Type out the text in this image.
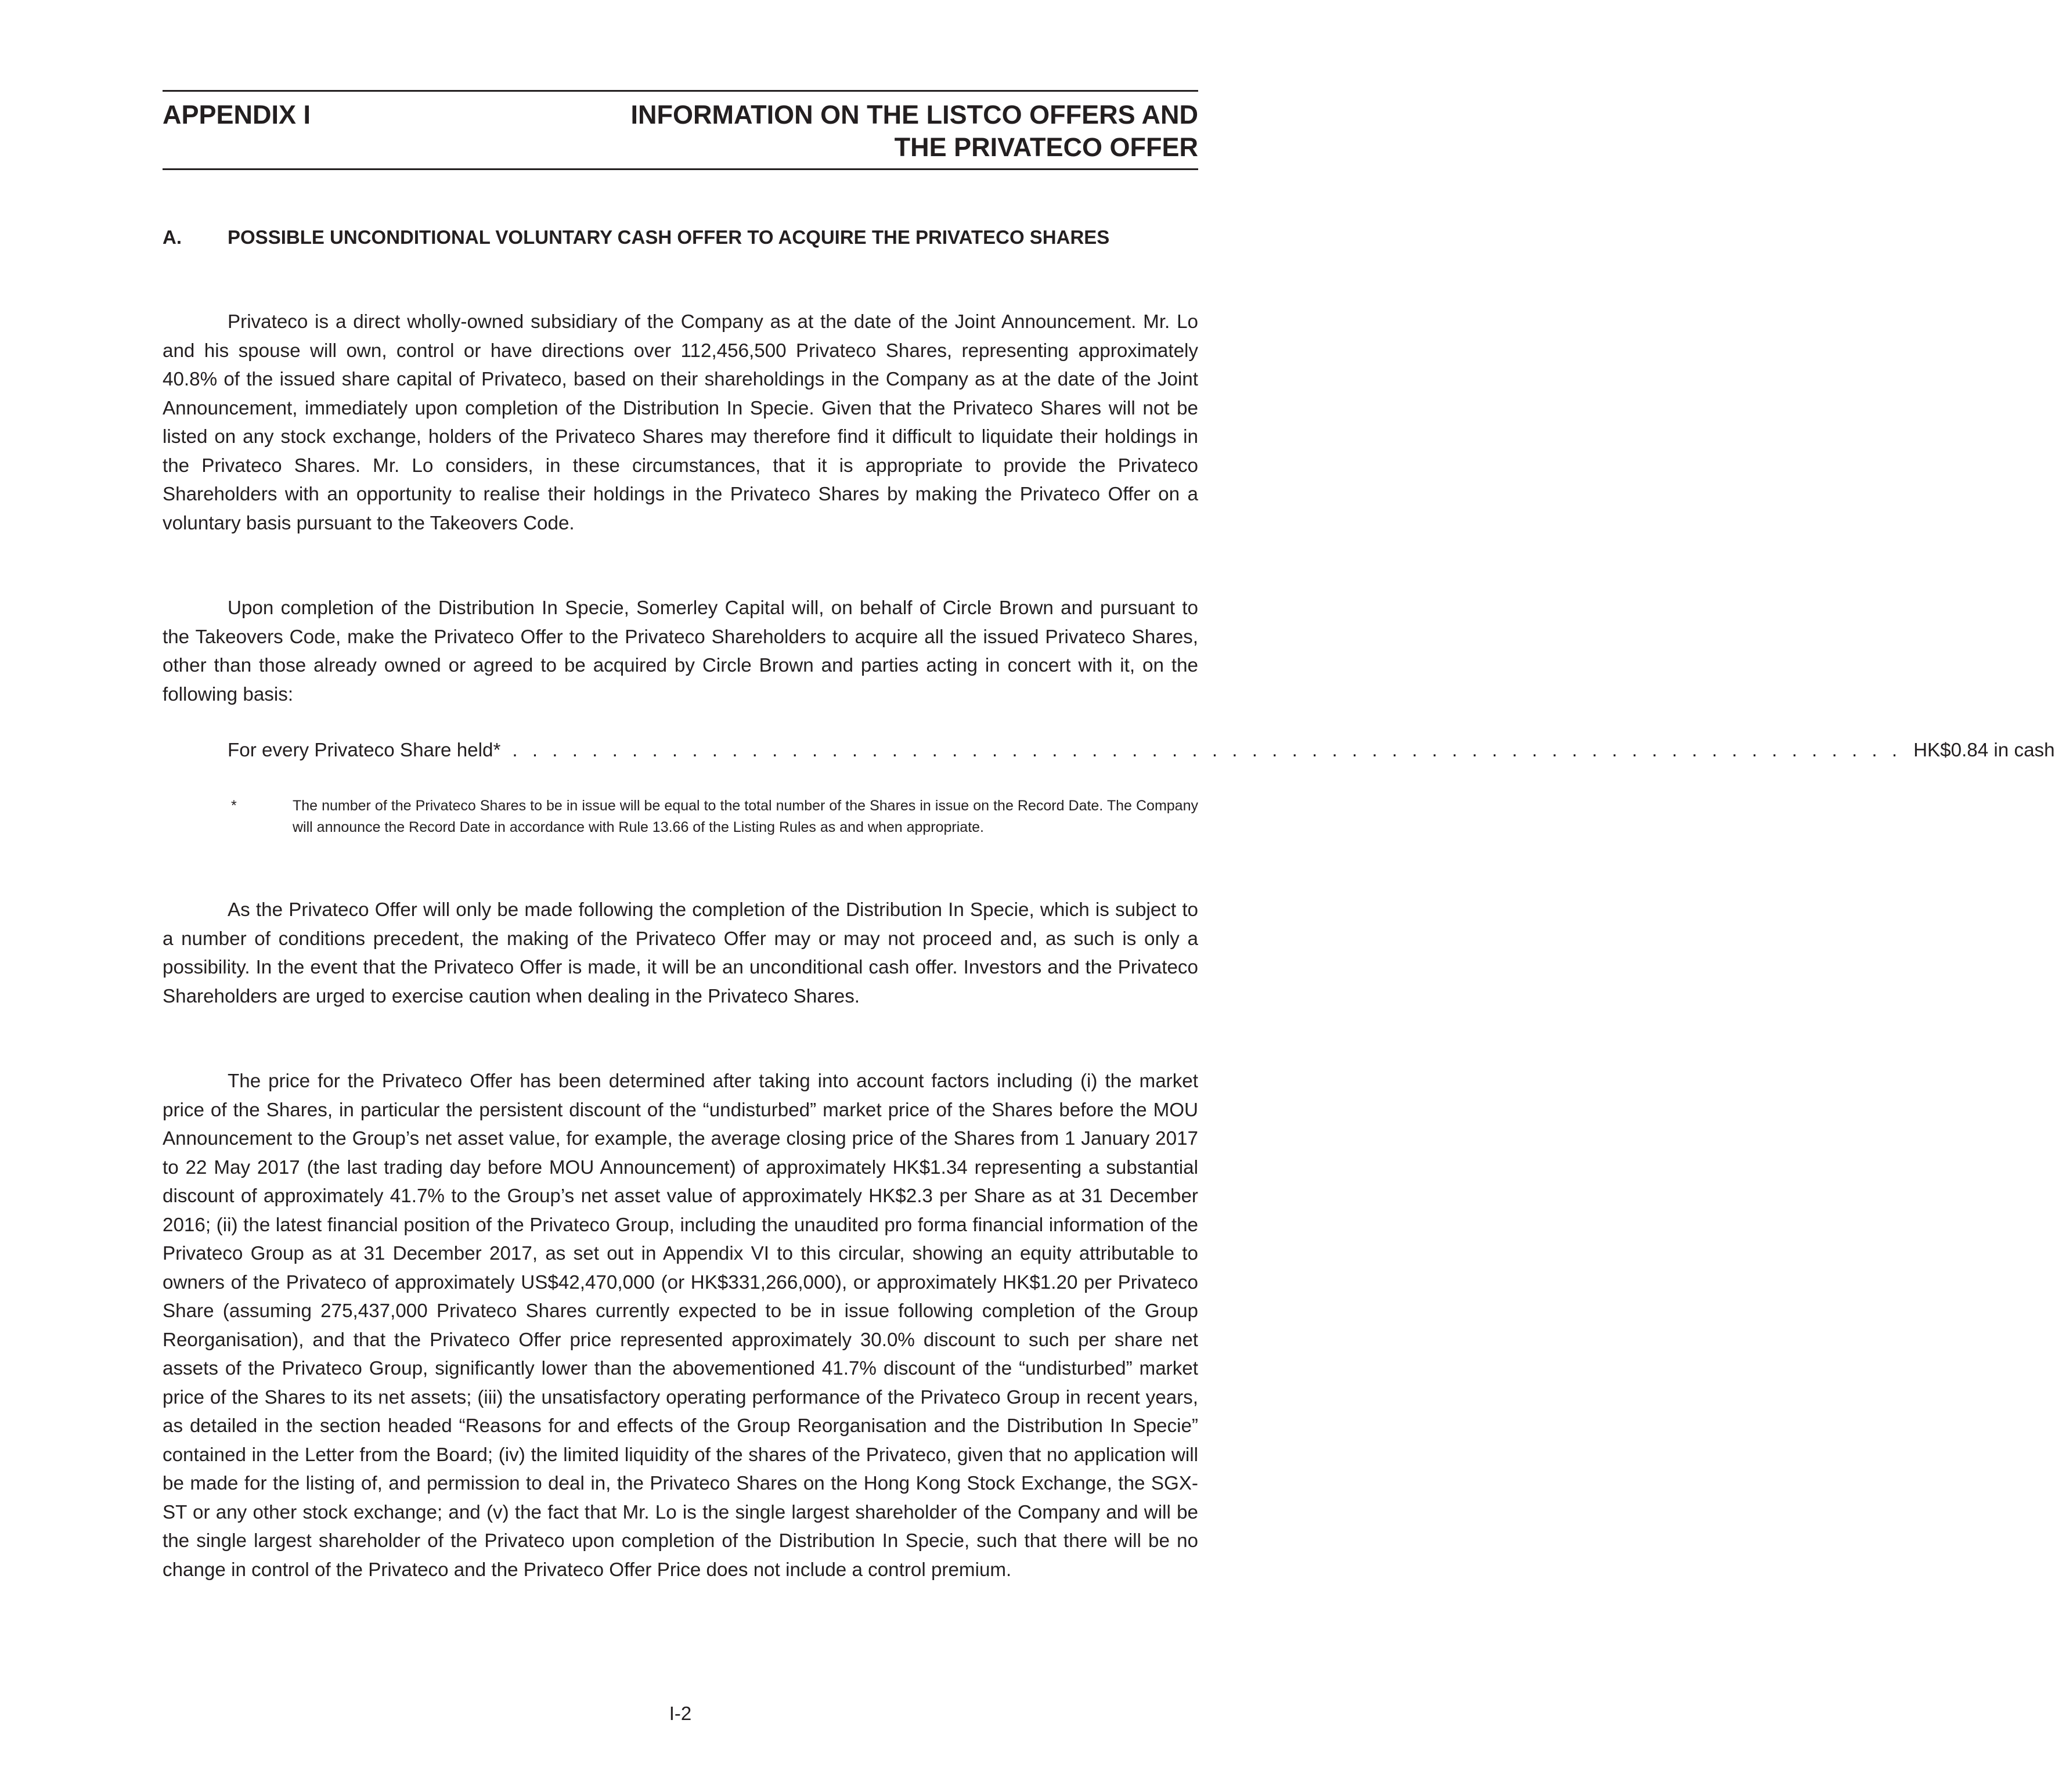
APPENDIX I	INFORMATION ON THE LISTCO OFFERS AND
THE PRIVATECO OFFER
A. POSSIBLE UNCONDITIONAL VOLUNTARY CASH OFFER TO ACQUIRE THE PRIVATECO SHARES

Privateco is a direct wholly-owned subsidiary of the Company as at the date of the Joint Announcement. Mr. Lo and his spouse will own, control or have directions over 112,456,500 Privateco Shares, representing approximately 40.8% of the issued share capital of Privateco, based on their shareholdings in the Company as at the date of the Joint Announcement, immediately upon completion of the Distribution In Specie. Given that the Privateco Shares will not be listed on any stock exchange, holders of the Privateco Shares may therefore find it difficult to liquidate their holdings in the Privateco Shares. Mr. Lo considers, in these circumstances, that it is appropriate to provide the Privateco Shareholders with an opportunity to realise their holdings in the Privateco Shares by making the Privateco Offer on a voluntary basis pursuant to the Takeovers Code.

Upon completion of the Distribution In Specie, Somerley Capital will, on behalf of Circle Brown and pursuant to the Takeovers Code, make the Privateco Offer to the Privateco Shareholders to acquire all the issued Privateco Shares, other than those already owned or agreed to be acquired by Circle Brown and parties acting in concert with it, on the following basis:

For every Privateco Share held* . . . . . . . . . . . . . . . . . . . . . . . . . . . . . . . . . . . . . . . . . . . . . . . . . . . . . . . . . . . . . . . . . . . . . . HK$0.84 in cash
*	The number of the Privateco Shares to be in issue will be equal to the total number of the Shares in issue on the Record Date. The Company will announce the Record Date in accordance with Rule 13.66 of the Listing Rules as and when appropriate.

As the Privateco Offer will only be made following the completion of the Distribution In Specie, which is subject to a number of conditions precedent, the making of the Privateco Offer may or may not proceed and, as such is only a possibility. In the event that the Privateco Offer is made, it will be an unconditional cash offer. Investors and the Privateco Shareholders are urged to exercise caution when dealing in the Privateco Shares.

The price for the Privateco Offer has been determined after taking into account factors including (i) the market price of the Shares, in particular the persistent discount of the “undisturbed” market price of the Shares before the MOU Announcement to the Group’s net asset value, for example, the average closing price of the Shares from 1 January 2017 to 22 May 2017 (the last trading day before MOU Announcement) of approximately HK$1.34 representing a substantial discount of approximately 41.7% to the Group’s net asset value of approximately HK$2.3 per Share as at 31 December 2016; (ii) the latest financial position of the Privateco Group, including the unaudited pro forma financial information of the Privateco Group as at 31 December 2017, as set out in Appendix VI to this circular, showing an equity attributable to owners of the Privateco of approximately US$42,470,000 (or HK$331,266,000), or approximately HK$1.20 per Privateco Share (assuming 275,437,000 Privateco Shares currently expected to be in issue following completion of the Group Reorganisation), and that the Privateco Offer price represented approximately 30.0% discount to such per share net assets of the Privateco Group, significantly lower than the abovementioned 41.7% discount of the “undisturbed” market price of the Shares to its net assets; (iii) the unsatisfactory operating performance of the Privateco Group in recent years, as detailed in the section headed “Reasons for and effects of the Group Reorganisation and the Distribution In Specie” contained in the Letter from the Board; (iv) the limited liquidity of the shares of the Privateco, given that no application will be made for the listing of, and permission to deal in, the Privateco Shares on the Hong Kong Stock Exchange, the SGX-ST or any other stock exchange; and (v) the fact that Mr. Lo is the single largest shareholder of the Company and will be the single largest shareholder of the Privateco upon completion of the Distribution In Specie, such that there will be no change in control of the Privateco and the Privateco Offer Price does not include a control premium.

I-2
